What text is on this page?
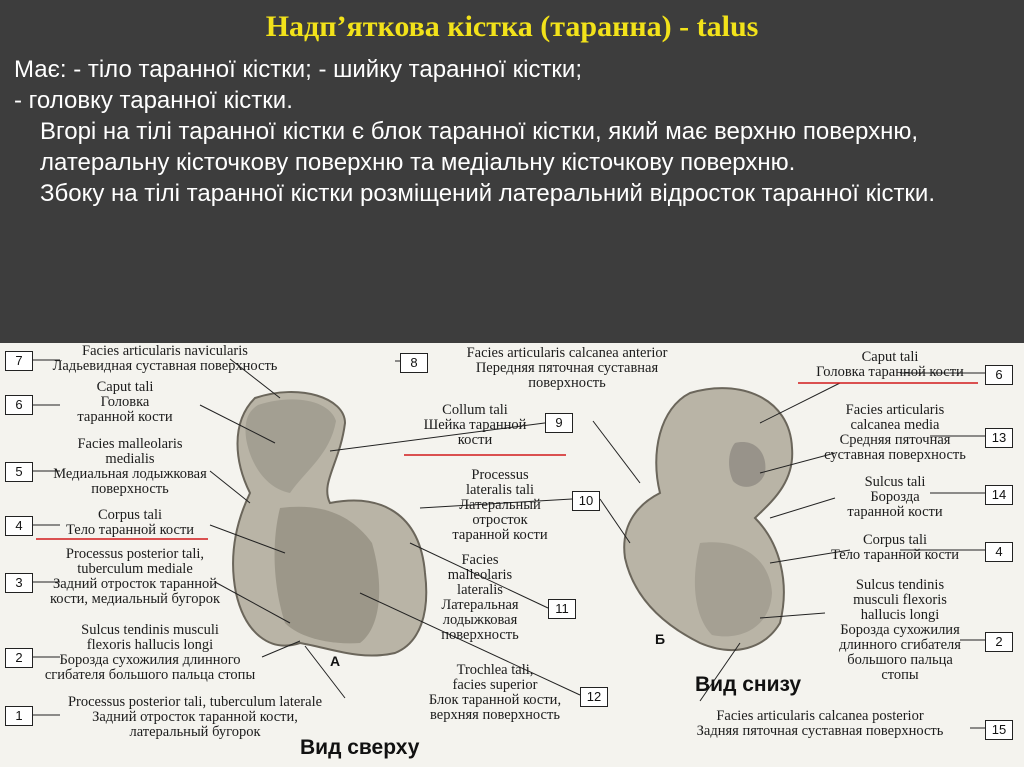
Надп’яткова кістка (таранна) - talus

Має: - тіло таранної кістки; - шийку таранної кістки;

- головку таранної кістки.

Вгорі на тілі таранної кістки є блок таранної кістки, який має верхню поверхню, латеральну кісточкову поверхню та медіальну кісточкову поверхню.

Збоку на тілі таранної кістки розміщений латеральний відросток таранної кістки.

7
6
5
4
3
2
1
Facies articularis navicularis
Ладьевидная суставная поверхность
Caput tali
Головка
таранной кости
Facies malleolaris
medialis
Медиальная лодыжковая
поверхность
Corpus tali
Тело таранной кости
Processus posterior tali,
tuberculum mediale
Задний отросток таранной
кости, медиальный бугорок
Sulcus tendinis musculi
flexoris hallucis longi
Борозда сухожилия длинного
сгибателя большого пальца стопы
Processus posterior tali, tuberculum laterale
Задний отросток таранной кости,
латеральный бугорок
8
9
10
11
12
Facies articularis calcanea anterior
Передняя пяточная суставная
поверхность
Collum tali
Шейка таранной
кости
Processus
lateralis tali
Латеральный
отросток
таранной кости
Facies
malleolaris
lateralis
Латеральная
лодыжковая
поверхность
Trochlea tali,
facies superior
Блок таранной кости,
верхняя поверхность
6
13
14
4
2
15
Caput tali
Головка таранной кости
Facies articularis
calcanea media
Средняя пяточная
суставная поверхность
Sulcus tali
Борозда
таранной кости
Corpus tali
Тело таранной кости
Sulcus tendinis
musculi flexoris
hallucis longi
Борозда сухожилия
длинного сгибателя
большого пальца
стопы
Facies articularis calcanea posterior
Задняя пяточная суставная поверхность
А
Б
Вид сверху
Вид снизу
